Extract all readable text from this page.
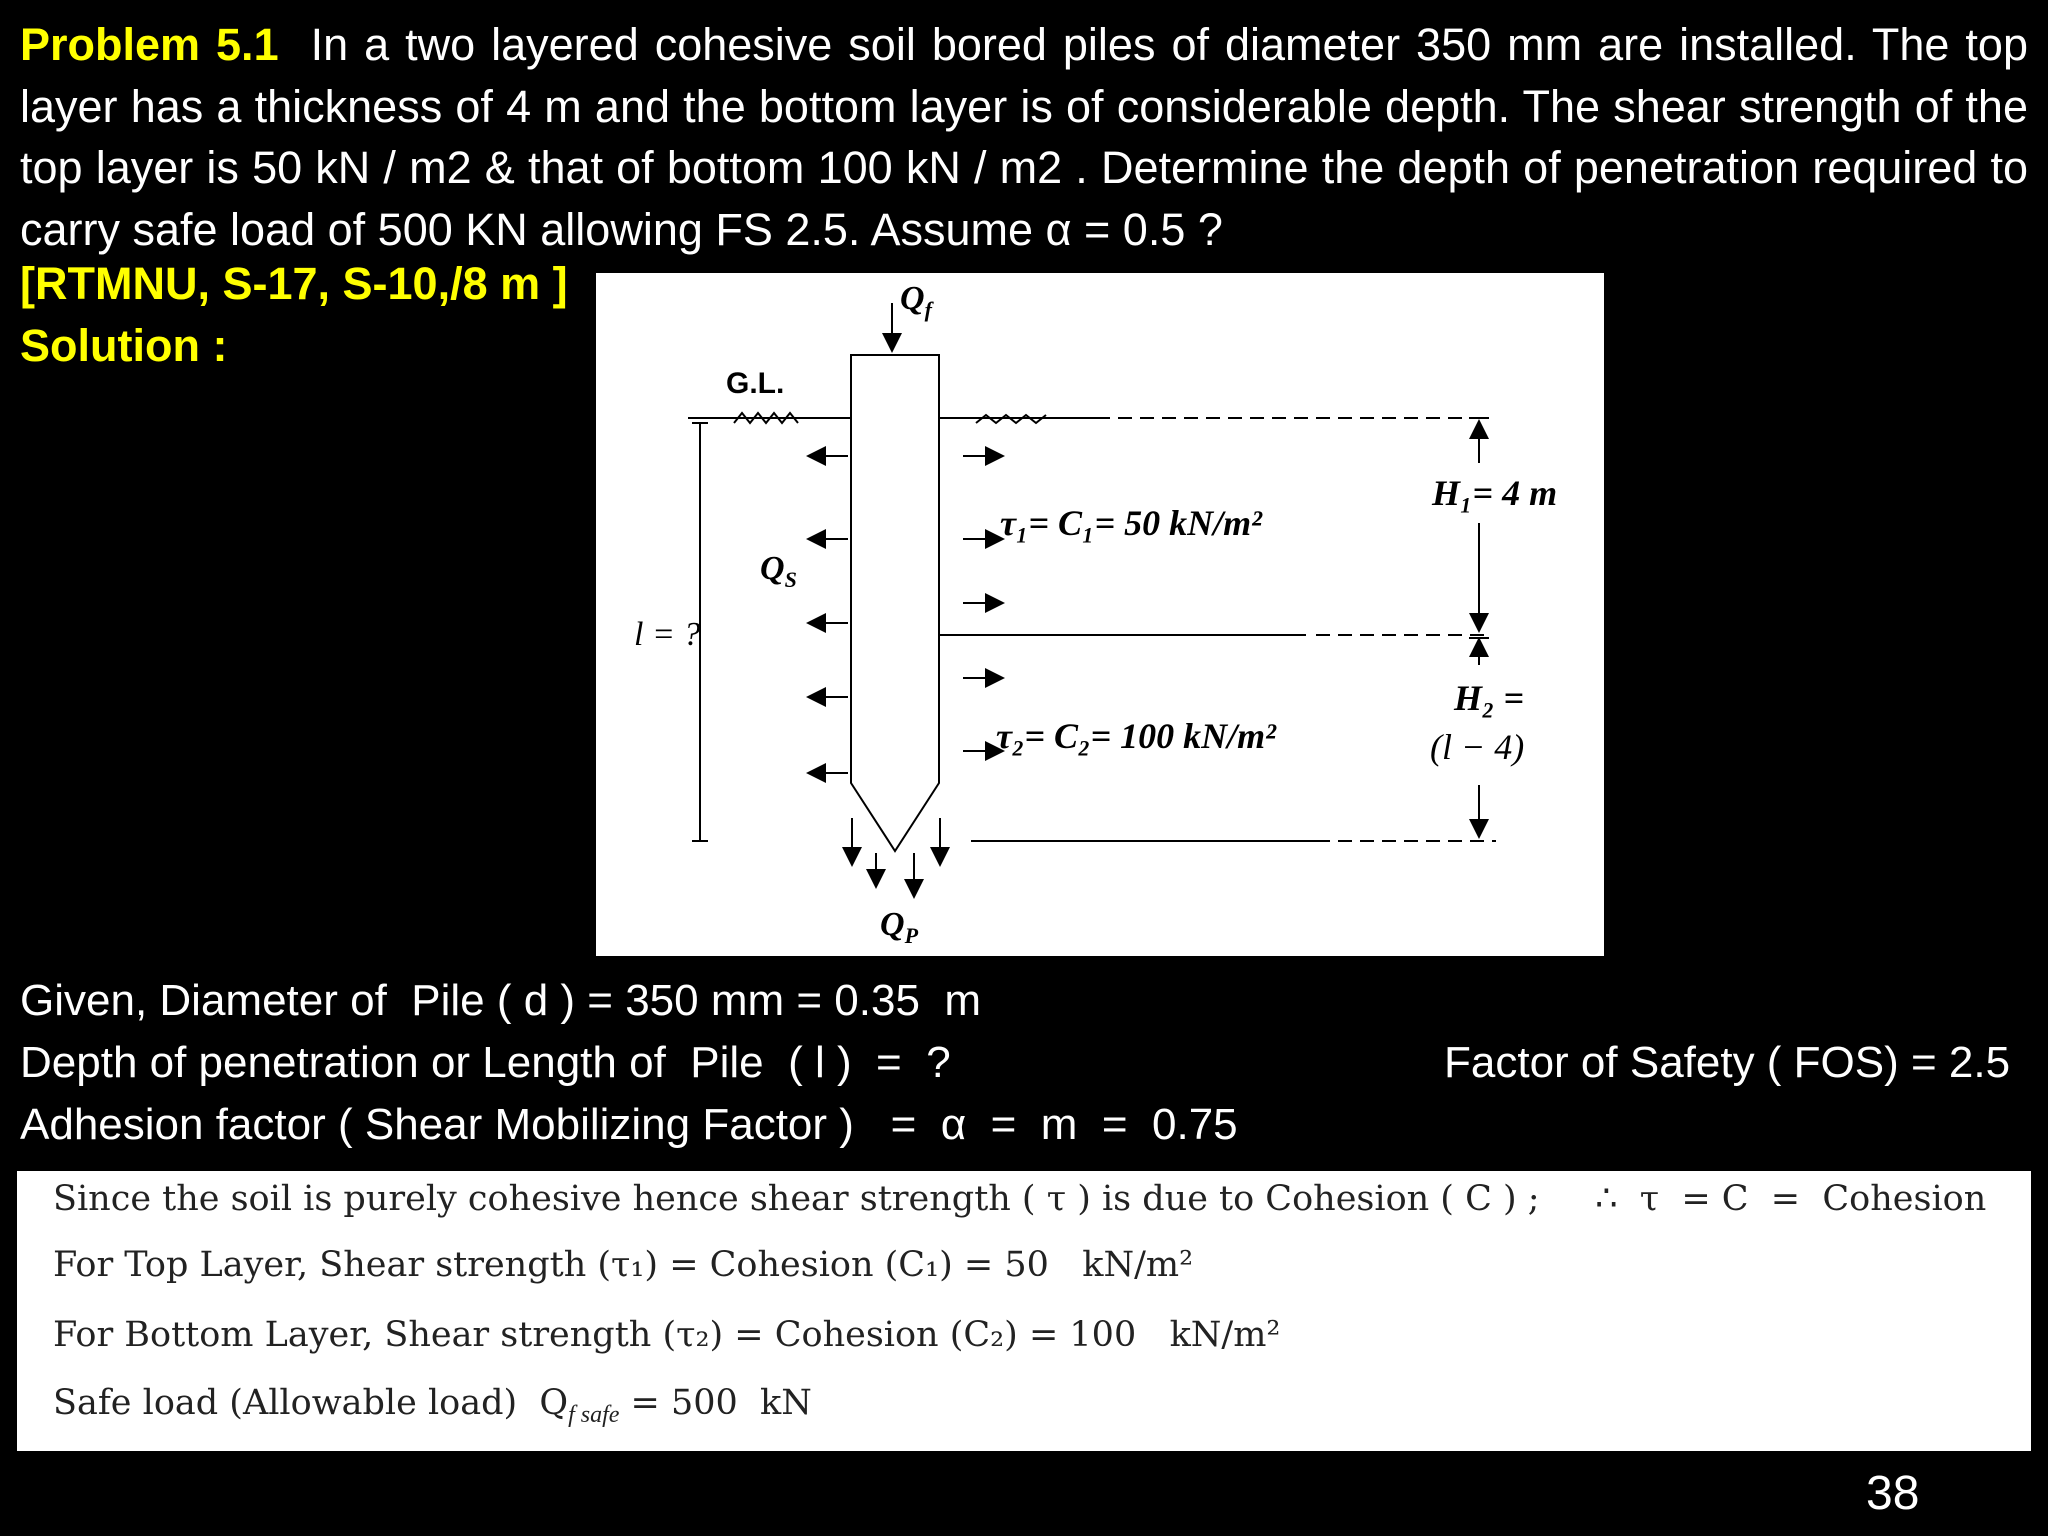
Problem 5.1 In a two layered cohesive soil bored piles of diameter 350 mm are installed. The top layer has a thickness of 4 m and the bottom layer is of considerable depth. The shear strength of the top layer is 50 kN / m2 & that of bottom 100 kN / m2 . Determine the depth of penetration required to carry safe load of 500 KN allowing FS 2.5. Assume α = 0.5 ?
[RTMNU, S-17, S-10,/8 m ]
Solution :
$Q_f$
$Q_S$
l = ?
τ₁= C₁= 50 kN/m²
τ₂= C₂= 100 kN/m²
H₁= 4 m
H₂ =
(l − 4)
$Q_P$
G.L.
Given, Diameter of  Pile ( d ) = 350 mm = 0.35  m
Depth of penetration or Length of  Pile  ( l )  =  ?	Factor of Safety ( FOS) = 2.5
Adhesion factor ( Shear Mobilizing Factor )   =  α  =  m  =  0.75
Since the soil is purely cohesive hence shear strength ( τ ) is due to Cohesion ( C ) ;     ∴  τ  = C  =  Cohesion
For Top Layer, Shear strength (τ₁) = Cohesion (C₁) = 50   kN/m²
For Bottom Layer, Shear strength (τ₂) = Cohesion (C₂) = 100   kN/m²
Safe load (Allowable load)  $Q_{f safe} = 500$  kN
38
